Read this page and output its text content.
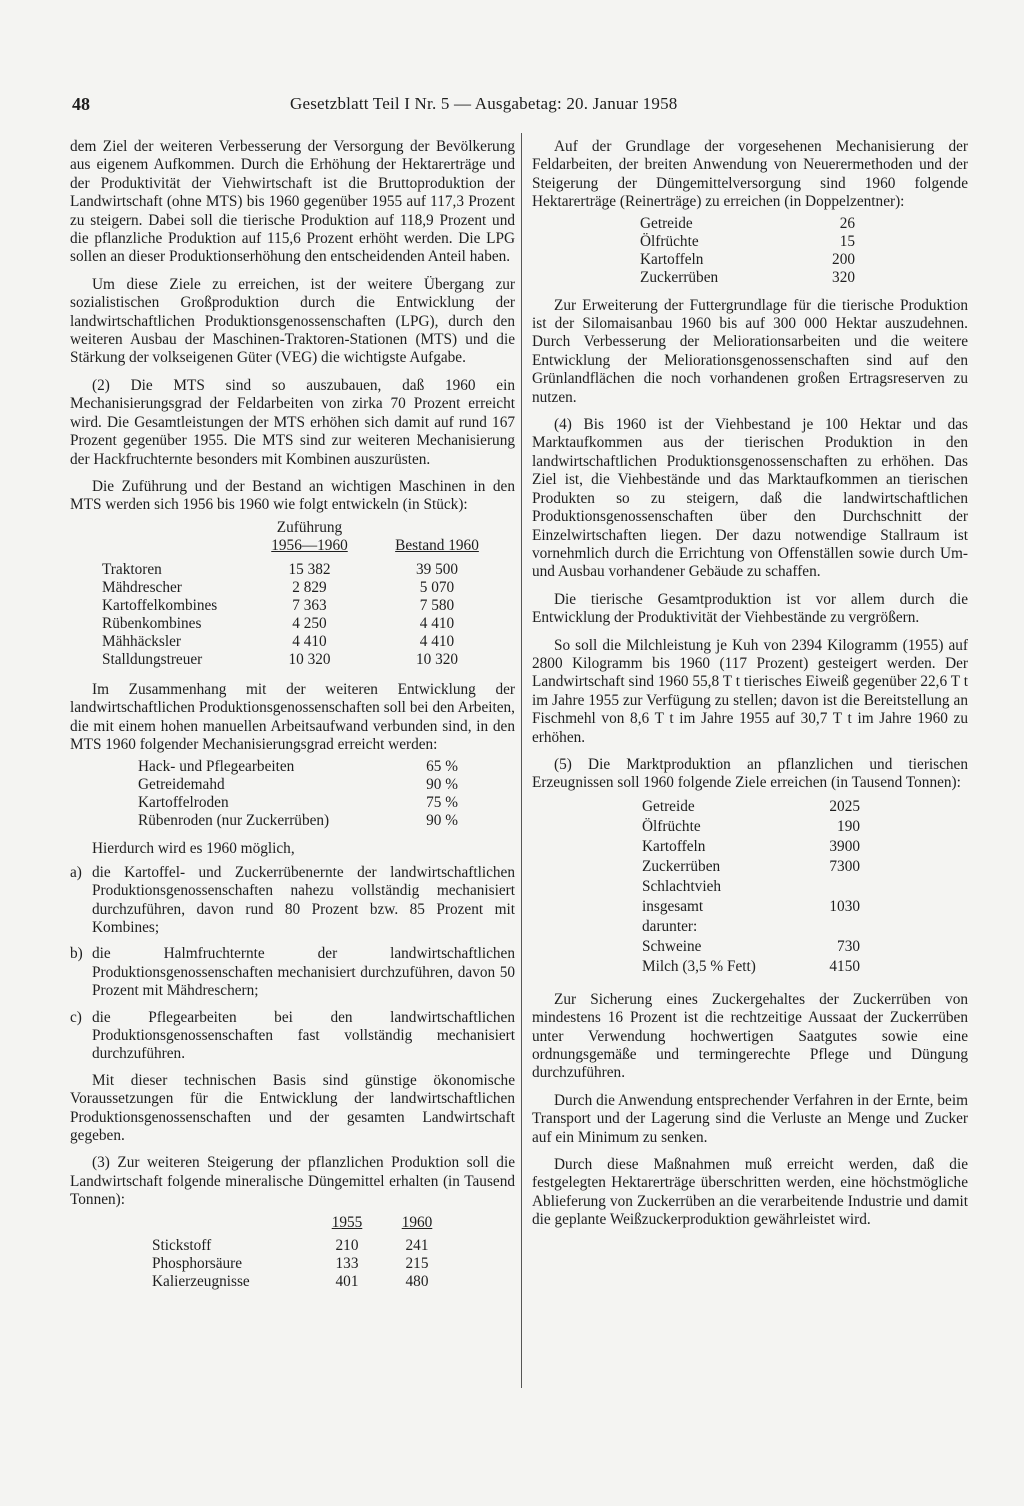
48	Gesetzblatt Teil I Nr. 5 — Ausgabetag: 20. Januar 1958

dem Ziel der weiteren Verbesserung der Versorgung der Bevölkerung aus eigenem Aufkommen. Durch die Erhöhung der Hektarerträge und der Produktivität der Viehwirtschaft ist die Bruttoproduktion der Landwirtschaft (ohne MTS) bis 1960 gegenüber 1955 auf 117,3 Prozent zu steigern. Dabei soll die tierische Produktion auf 118,9 Prozent und die pflanzliche Produktion auf 115,6 Prozent erhöht werden. Die LPG sollen an dieser Produktionserhöhung den entscheidenden Anteil haben.

Um diese Ziele zu erreichen, ist der weitere Übergang zur sozialistischen Großproduktion durch die Entwicklung der landwirtschaftlichen Produktionsgenossenschaften (LPG), durch den weiteren Ausbau der Maschinen-Traktoren-Stationen (MTS) und die Stärkung der volkseigenen Güter (VEG) die wichtigste Aufgabe.

(2) Die MTS sind so auszubauen, daß 1960 ein Mechanisierungsgrad der Feldarbeiten von zirka 70 Prozent erreicht wird. Die Gesamtleistungen der MTS erhöhen sich damit auf rund 167 Prozent gegenüber 1955. Die MTS sind zur weiteren Mechanisierung der Hackfruchternte besonders mit Kombinen auszurüsten.

Die Zuführung und der Bestand an wichtigen Maschinen in den MTS werden sich 1956 bis 1960 wie folgt entwickeln (in Stück):

	Zuführung
1956—1960	Bestand 1960

Traktoren	15 382	39 500
Mähdrescher	2 829	5 070
Kartoffelkombines	7 363	7 580
Rübenkombines	4 250	4 410
Mähhäcksler	4 410	4 410
Stalldungstreuer	10 320	10 320

Im Zusammenhang mit der weiteren Entwicklung der landwirtschaftlichen Produktionsgenossenschaften soll bei den Arbeiten, die mit einem hohen manuellen Arbeitsaufwand verbunden sind, in den MTS 1960 folgender Mechanisierungsgrad erreicht werden:

Hack- und Pflegearbeiten	65 %
Getreidemahd	90 %
Kartoffelroden	75 %
Rübenroden (nur Zuckerrüben)	90 %

Hierdurch wird es 1960 möglich,

a) die Kartoffel- und Zuckerrübenernte der landwirtschaftlichen Produktionsgenossenschaften nahezu vollständig mechanisiert durchzuführen, davon rund 80 Prozent bzw. 85 Prozent mit Kombines;
b) die Halmfruchternte der landwirtschaftlichen Produktionsgenossenschaften mechanisiert durchzuführen, davon 50 Prozent mit Mähdreschern;
c) die Pflegearbeiten bei den landwirtschaftlichen Produktionsgenossenschaften fast vollständig mechanisiert durchzuführen.

Mit dieser technischen Basis sind günstige ökonomische Voraussetzungen für die Entwicklung der landwirtschaftlichen Produktionsgenossenschaften und der gesamten Landwirtschaft gegeben.

(3) Zur weiteren Steigerung der pflanzlichen Produktion soll die Landwirtschaft folgende mineralische Düngemittel erhalten (in Tausend Tonnen):

	1955	1960

Stickstoff	210	241
Phosphorsäure	133	215
Kalierzeugnisse	401	480

Auf der Grundlage der vorgesehenen Mechanisierung der Feldarbeiten, der breiten Anwendung von Neuerermethoden und der Steigerung der Düngemittelversorgung sind 1960 folgende Hektarerträge (Reinerträge) zu erreichen (in Doppelzentner):

Getreide	26
Ölfrüchte	15
Kartoffeln	200
Zuckerrüben	320

Zur Erweiterung der Futtergrundlage für die tierische Produktion ist der Silomaisanbau 1960 bis auf 300 000 Hektar auszudehnen. Durch Verbesserung der Meliorationsarbeiten und die weitere Entwicklung der Meliorationsgenossenschaften sind auf den Grünlandflächen die noch vorhandenen großen Ertragsreserven zu nutzen.

(4) Bis 1960 ist der Viehbestand je 100 Hektar und das Marktaufkommen aus der tierischen Produktion in den landwirtschaftlichen Produktionsgenossenschaften zu erhöhen. Das Ziel ist, die Viehbestände und das Marktaufkommen an tierischen Produkten so zu steigern, daß die landwirtschaftlichen Produktionsgenossenschaften über den Durchschnitt der Einzelwirtschaften liegen. Der dazu notwendige Stallraum ist vornehmlich durch die Errichtung von Offenställen sowie durch Um- und Ausbau vorhandener Gebäude zu schaffen.

Die tierische Gesamtproduktion ist vor allem durch die Entwicklung der Produktivität der Viehbestände zu vergrößern.

So soll die Milchleistung je Kuh von 2394 Kilogramm (1955) auf 2800 Kilogramm bis 1960 (117 Prozent) gesteigert werden. Der Landwirtschaft sind 1960 55,8 T t tierisches Eiweiß gegenüber 22,6 T t im Jahre 1955 zur Verfügung zu stellen; davon ist die Bereitstellung an Fischmehl von 8,6 T t im Jahre 1955 auf 30,7 T t im Jahre 1960 zu erhöhen.

(5) Die Marktproduktion an pflanzlichen und tierischen Erzeugnissen soll 1960 folgende Ziele erreichen (in Tausend Tonnen):

Getreide	2025
Ölfrüchte	190
Kartoffeln	3900
Zuckerrüben	7300
Schlachtvieh insgesamt	1030
darunter:	
Schweine	730
Milch (3,5 % Fett)	4150

Zur Sicherung eines Zuckergehaltes der Zuckerrüben von mindestens 16 Prozent ist die rechtzeitige Aussaat der Zuckerrüben unter Verwendung hochwertigen Saatgutes sowie eine ordnungsgemäße und termingerechte Pflege und Düngung durchzuführen.

Durch die Anwendung entsprechender Verfahren in der Ernte, beim Transport und der Lagerung sind die Verluste an Menge und Zucker auf ein Minimum zu senken.

Durch diese Maßnahmen muß erreicht werden, daß die festgelegten Hektarerträge überschritten werden, eine höchstmögliche Ablieferung von Zuckerrüben an die verarbeitende Industrie und damit die geplante Weißzuckerproduktion gewährleistet wird.
